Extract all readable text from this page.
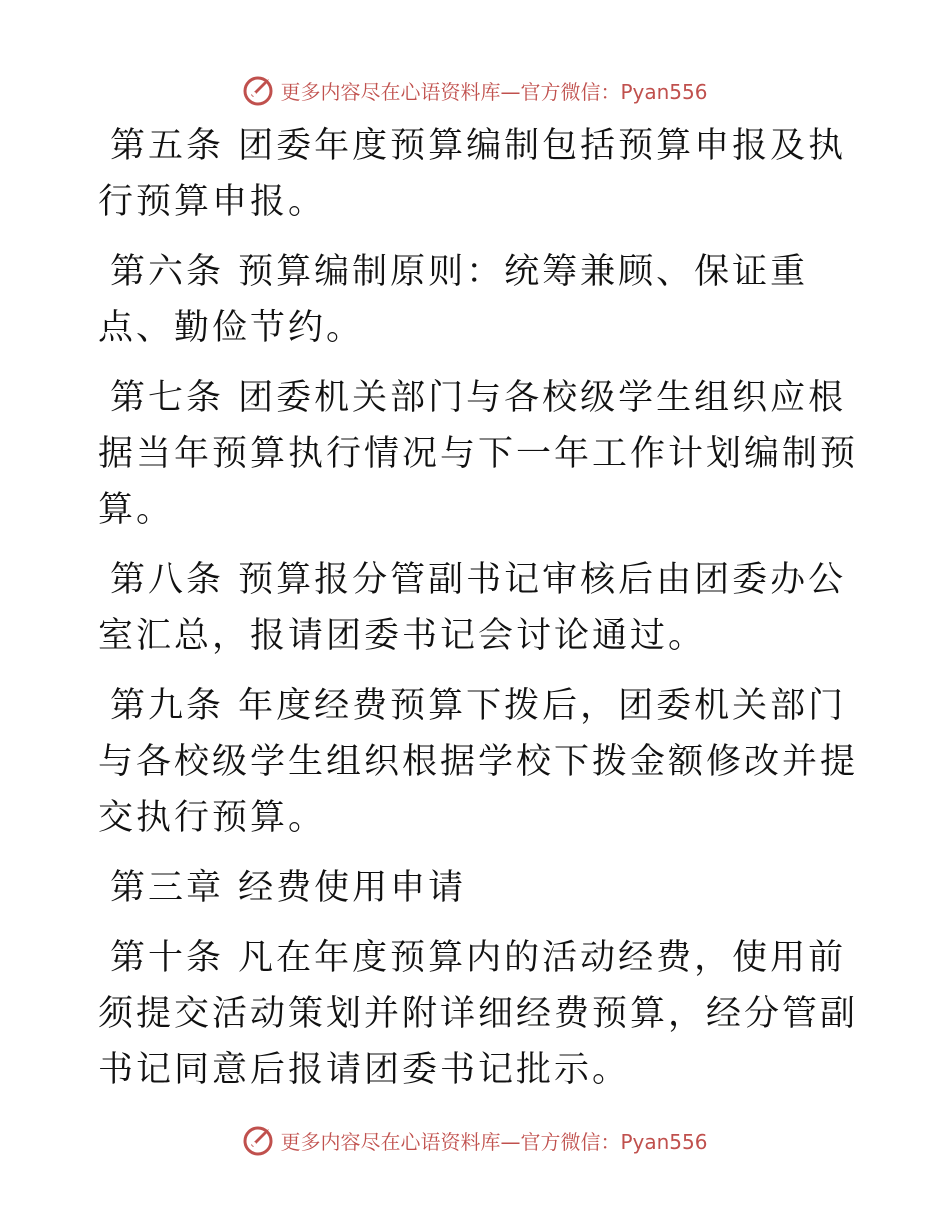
更多内容尽在心语资料库—官方微信：Pyan556

第五条 团委年度预算编制包括预算申报及执行预算申报。

第六条 预算编制原则：统筹兼顾、保证重点、勤俭节约。

第七条 团委机关部门与各校级学生组织应根据当年预算执行情况与下一年工作计划编制预算。

第八条 预算报分管副书记审核后由团委办公室汇总，报请团委书记会讨论通过。

第九条 年度经费预算下拨后，团委机关部门与各校级学生组织根据学校下拨金额修改并提交执行预算。

第三章 经费使用申请

第十条 凡在年度预算内的活动经费，使用前须提交活动策划并附详细经费预算，经分管副书记同意后报请团委书记批示。

更多内容尽在心语资料库—官方微信：Pyan556
